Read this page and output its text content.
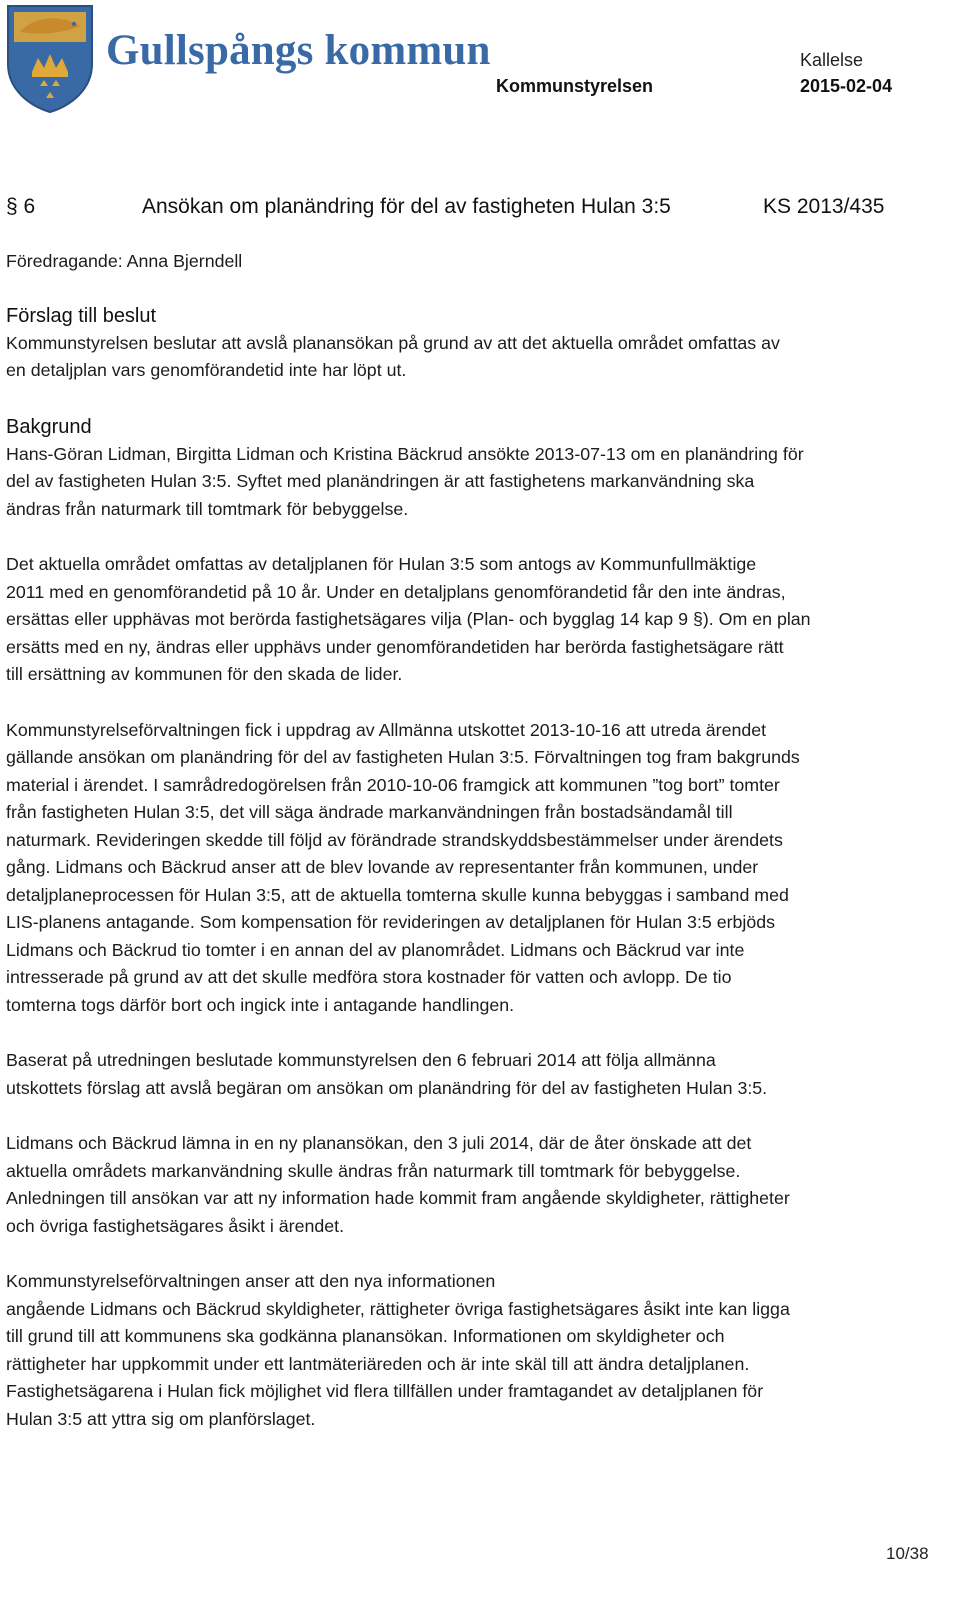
Gullspångs kommun	Kallelse
Kommunstyrelsen	2015-02-04
§ 6	Ansökan om planändring för del av fastigheten Hulan 3:5	KS 2013/435

Föredragande: Anna Bjerndell

Förslag till beslut

Kommunstyrelsen beslutar att avslå planansökan på grund av att det aktuella området omfattas av

en detaljplan vars genomförandetid inte har löpt ut.

Bakgrund

Hans-Göran Lidman, Birgitta Lidman och Kristina Bäckrud ansökte 2013-07-13 om en planändring för

del av fastigheten Hulan 3:5. Syftet med planändringen är att fastighetens markanvändning ska

ändras från naturmark till tomtmark för bebyggelse.

Det aktuella området omfattas av detaljplanen för Hulan 3:5 som antogs av Kommunfullmäktige

2011 med en genomförandetid på 10 år. Under en detaljplans genomförandetid får den inte ändras,

ersättas eller upphävas mot berörda fastighetsägares vilja (Plan- och bygglag 14 kap 9 §). Om en plan

ersätts med en ny, ändras eller upphävs under genomförandetiden har berörda fastighetsägare rätt

till ersättning av kommunen för den skada de lider.

Kommunstyrelseförvaltningen fick i uppdrag av Allmänna utskottet 2013-10-16 att utreda ärendet

gällande ansökan om planändring för del av fastigheten Hulan 3:5. Förvaltningen tog fram bakgrunds

material i ärendet. I samrådredogörelsen från 2010-10-06 framgick att kommunen ”tog bort” tomter

från fastigheten Hulan 3:5, det vill säga ändrade markanvändningen från bostadsändamål till

naturmark. Revideringen skedde till följd av förändrade strandskyddsbestämmelser under ärendets

gång. Lidmans och Bäckrud anser att de blev lovande av representanter från kommunen, under

detaljplaneprocessen för Hulan 3:5, att de aktuella tomterna skulle kunna bebyggas i samband med

LIS-planens antagande. Som kompensation för revideringen av detaljplanen för Hulan 3:5 erbjöds

Lidmans och Bäckrud tio tomter i en annan del av planområdet. Lidmans och Bäckrud var inte

intresserade på grund av att det skulle medföra stora kostnader för vatten och avlopp. De tio

tomterna togs därför bort och ingick inte i antagande handlingen.

Baserat på utredningen beslutade kommunstyrelsen den 6 februari 2014 att följa allmänna

utskottets förslag att avslå begäran om ansökan om planändring för del av fastigheten Hulan 3:5.

Lidmans och Bäckrud lämna in en ny planansökan, den 3 juli 2014, där de åter önskade att det

aktuella områdets markanvändning skulle ändras från naturmark till tomtmark för bebyggelse.

Anledningen till ansökan var att ny information hade kommit fram angående skyldigheter, rättigheter

och övriga fastighetsägares åsikt i ärendet.

Kommunstyrelseförvaltningen anser att den nya informationen

angående Lidmans och Bäckrud skyldigheter, rättigheter övriga fastighetsägares åsikt inte kan ligga

till grund till att kommunens ska godkänna planansökan. Informationen om skyldigheter och

rättigheter har uppkommit under ett lantmäteriäreden och är inte skäl till att ändra detaljplanen.

Fastighetsägarena i Hulan fick möjlighet vid flera tillfällen under framtagandet av detaljplanen för

Hulan 3:5 att yttra sig om planförslaget.

10/38
